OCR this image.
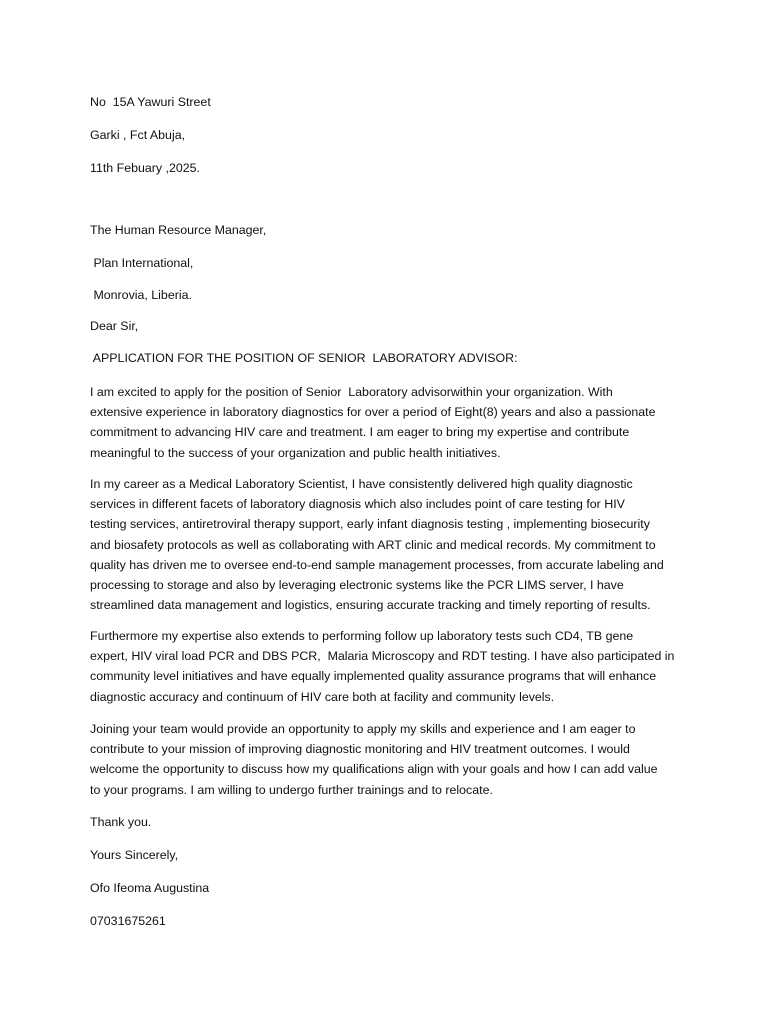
No  15A Yawuri Street

Garki , Fct Abuja,

11th Febuary ,2025.

The Human Resource Manager,

Plan International,

Monrovia, Liberia.

Dear Sir,

APPLICATION FOR THE POSITION OF SENIOR  LABORATORY ADVISOR:

I am excited to apply for the position of Senior  Laboratory advisorwithin your organization. With
extensive experience in laboratory diagnostics for over a period of Eight(8) years and also a passionate
commitment to advancing HIV care and treatment. I am eager to bring my expertise and contribute
meaningful to the success of your organization and public health initiatives.
In my career as a Medical Laboratory Scientist, I have consistently delivered high quality diagnostic
services in different facets of laboratory diagnosis which also includes point of care testing for HIV
testing services, antiretroviral therapy support, early infant diagnosis testing , implementing biosecurity
and biosafety protocols as well as collaborating with ART clinic and medical records. My commitment to
quality has driven me to oversee end-to-end sample management processes, from accurate labeling and
processing to storage and also by leveraging electronic systems like the PCR LIMS server, I have
streamlined data management and logistics, ensuring accurate tracking and timely reporting of results.
Furthermore my expertise also extends to performing follow up laboratory tests such CD4, TB gene
expert, HIV viral load PCR and DBS PCR,  Malaria Microscopy and RDT testing. I have also participated in
community level initiatives and have equally implemented quality assurance programs that will enhance
diagnostic accuracy and continuum of HIV care both at facility and community levels.
Joining your team would provide an opportunity to apply my skills and experience and I am eager to
contribute to your mission of improving diagnostic monitoring and HIV treatment outcomes. I would
welcome the opportunity to discuss how my qualifications align with your goals and how I can add value
to your programs. I am willing to undergo further trainings and to relocate.

Thank you.

Yours Sincerely,

Ofo Ifeoma Augustina

07031675261
